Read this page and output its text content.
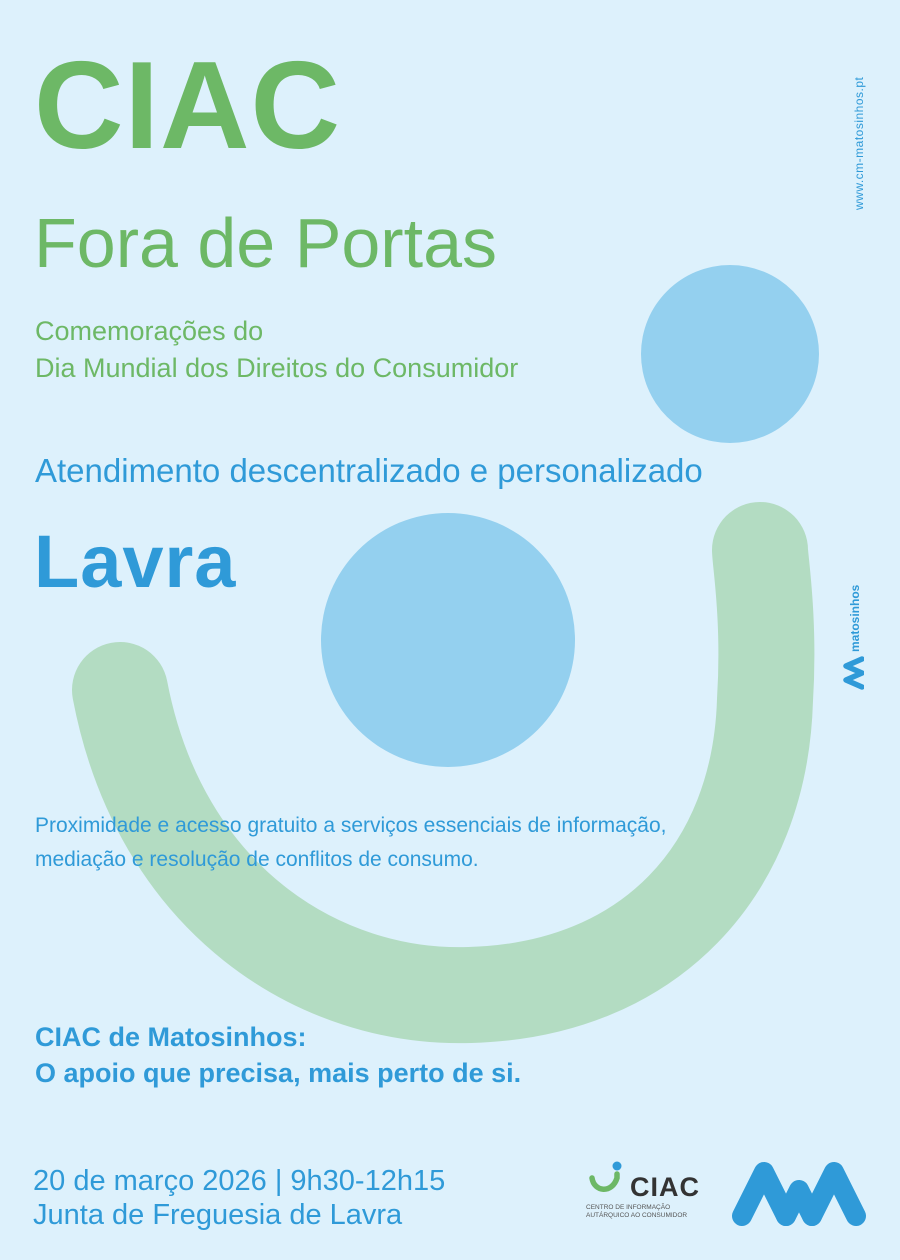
CIAC
Fora de Portas
Comemorações do
Dia Mundial dos Direitos do Consumidor
Atendimento descentralizado e personalizado
Lavra
Proximidade e acesso gratuito a serviços essenciais de informação,
mediação e resolução de conflitos de consumo.
CIAC de Matosinhos:
O apoio que precisa, mais perto de si.
20 de março 2026 | 9h30-12h15
Junta de Freguesia de Lavra
www.cm-matosinhos.pt
matosinhos
CIAC
CENTRO DE INFORMAÇÃO
AUTÁRQUICO AO CONSUMIDOR
